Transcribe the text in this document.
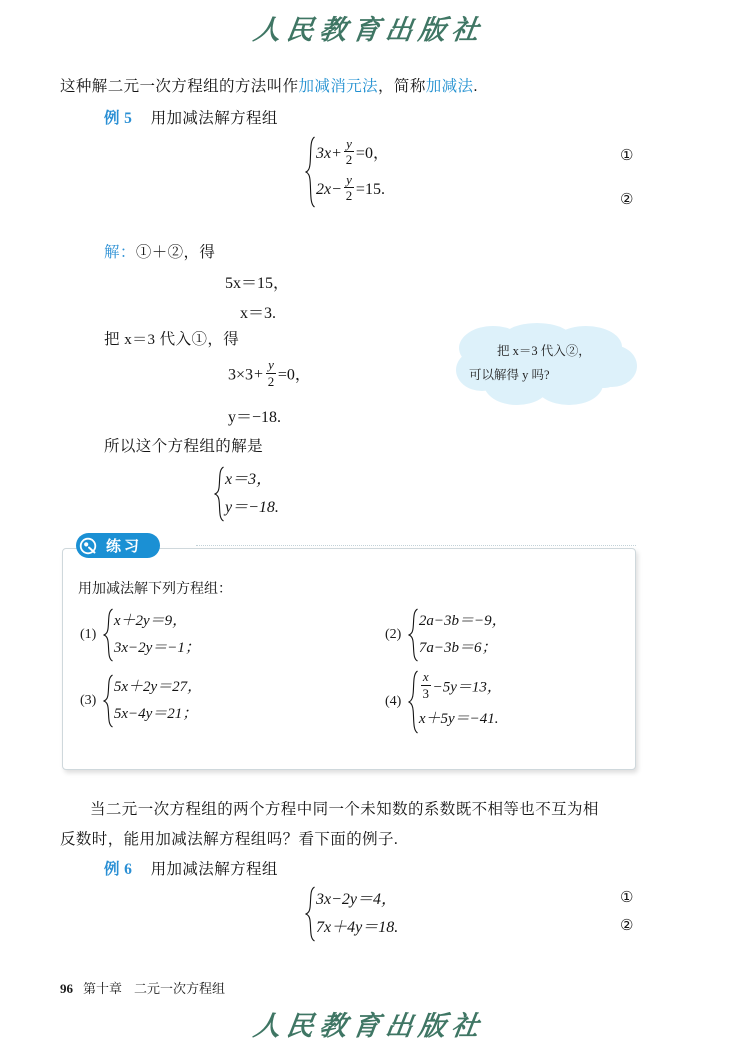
人民教育出版社
这种解二元一次方程组的方法叫作加减消元法，简称加减法.
例 5 用加减法解方程组
$3x+ \frac{y}{2} =0$，
$2x- \frac{y}{2} =15$.
①
②
解：①＋②，得
5x＝15，
x＝3.
把 x＝3 代入①，得
$3\times 3+ \frac{y}{2} =0$，
y＝−18.
所以这个方程组的解是
x＝3，
y＝−18.
把 x＝3 代入②，
可以解得 y 吗?
练习
用加减法解下列方程组：
(1)
x＋2y＝9，
3x−2y＝−1；
(2)
2a−3b＝−9，
7a−3b＝6；
(3)
5x＋2y＝27，
5x−4y＝21；
(4)
$\frac{x}{3} -5y=13$，
x＋5y＝−41.
当二元一次方程组的两个方程中同一个未知数的系数既不相等也不互为相
反数时，能用加减法解方程组吗？看下面的例子.
例 6 用加减法解方程组
3x−2y＝4，
7x＋4y＝18.
①
②
96 第十章 二元一次方程组
人民教育出版社
